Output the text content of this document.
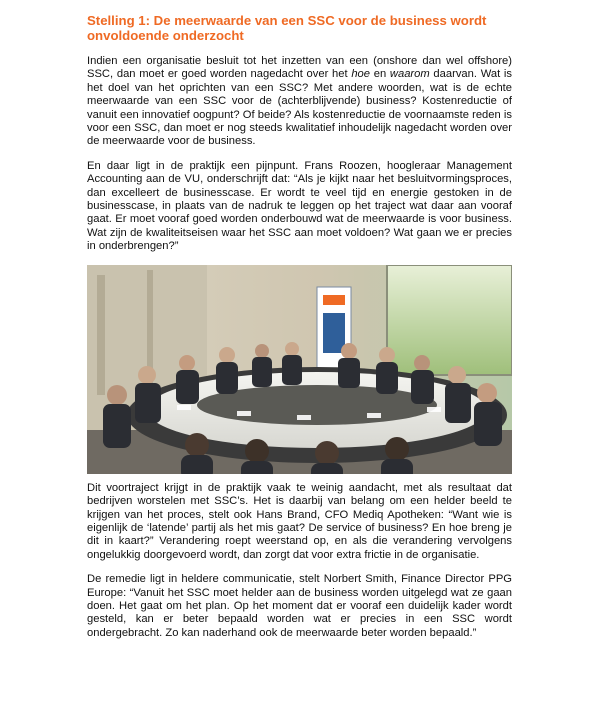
Stelling 1: De meerwaarde van een SSC voor de business wordt onvoldoende onderzocht

Indien een organisatie besluit tot het inzetten van een (onshore dan wel offshore) SSC, dan moet er goed worden nagedacht over het hoe en waarom daarvan. Wat is het doel van het oprichten van een SSC? Met andere woorden, wat is de echte meerwaarde van een SSC voor de (achterblijvende) business? Kostenreductie of vanuit een innovatief oogpunt? Of beide? Als kostenreductie de voornaamste reden is voor een SSC, dan moet er nog steeds kwalitatief inhoudelijk nagedacht worden over de meerwaarde voor de business.

En daar ligt in de praktijk een pijnpunt. Frans Roozen, hoogleraar Management Accounting aan de VU, onderschrijft dat: “Als je kijkt naar het besluitvormingsproces, dan excelleert de businesscase. Er wordt te veel tijd en energie gestoken in de businesscase, in plaats van de nadruk te leggen op het traject wat daar aan vooraf gaat. Er moet vooraf goed worden onderbouwd wat de meerwaarde is voor business. Wat zijn de kwaliteitseisen waar het SSC aan moet voldoen? Wat gaan we er precies in onderbrengen?”

Dit voortraject krijgt in de praktijk vaak te weinig aandacht, met als resultaat dat bedrijven worstelen met SSC’s. Het is daarbij van belang om een helder beeld te krijgen van het proces, stelt ook Hans Brand, CFO Mediq Apotheken: “Want wie is eigenlijk de ‘latende’ partij als het mis gaat? De service of business? En hoe breng je dit in kaart?” Verandering roept weerstand op, en als die verandering vervolgens ongelukkig doorgevoerd wordt, dan zorgt dat voor extra frictie in de organisatie.

De remedie ligt in heldere communicatie, stelt Norbert Smith, Finance Director PPG Europe: “Vanuit het SSC moet helder aan de business worden uitgelegd wat ze gaan doen. Het gaat om het plan. Op het moment dat er vooraf een duidelijk kader wordt gesteld, kan er beter bepaald worden wat er precies in een SSC wordt ondergebracht. Zo kan naderhand ook de meerwaarde beter worden bepaald.”
